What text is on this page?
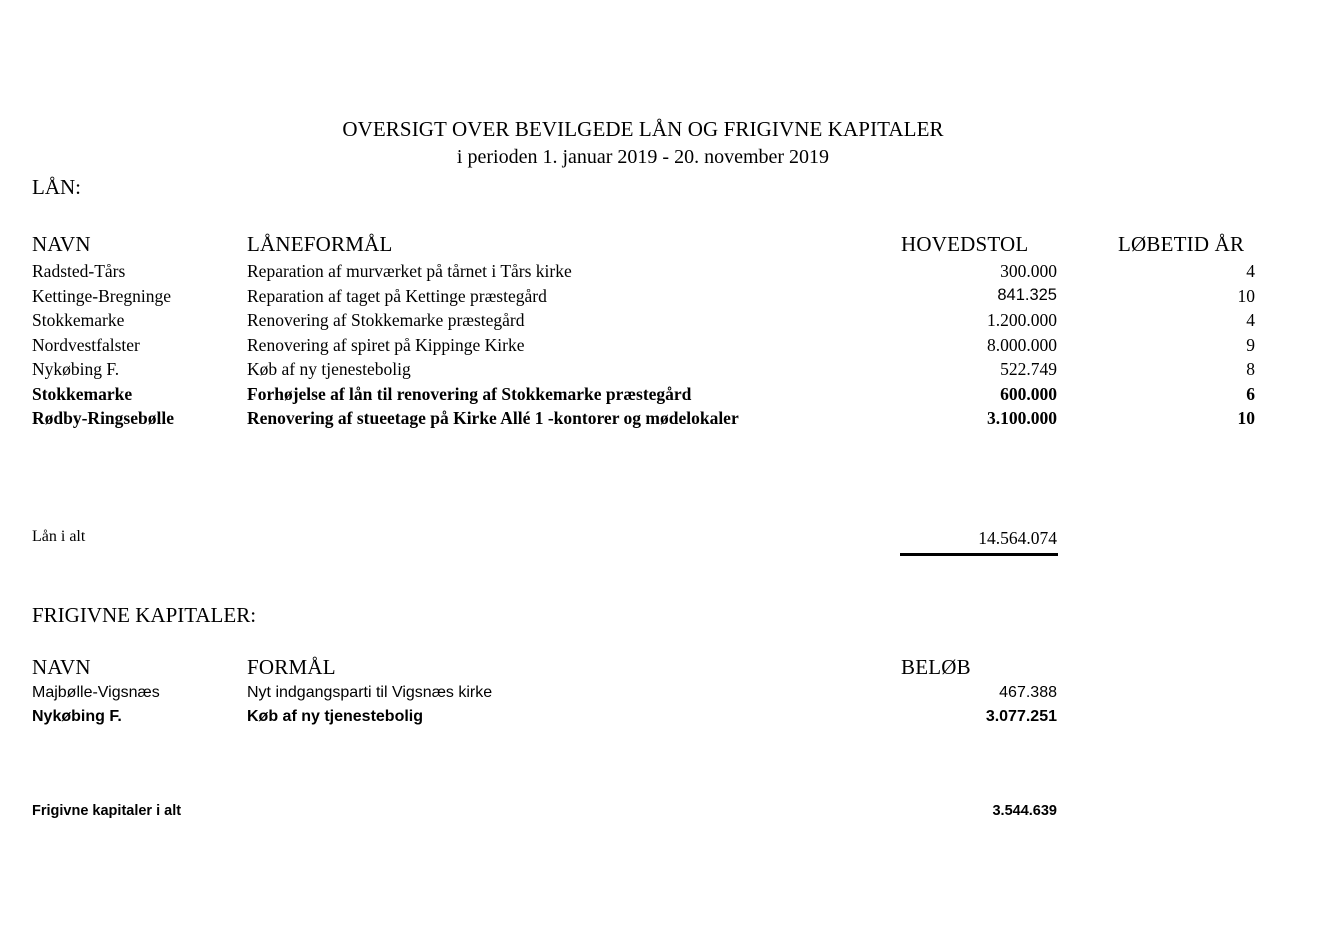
OVERSIGT OVER BEVILGEDE LÅN OG FRIGIVNE KAPITALER
i perioden 1. januar 2019 - 20. november 2019
LÅN:
NAVN	LÅNEFORMÅL	HOVEDSTOL	LØBETID ÅR
Radsted-Tårs	Reparation af murværket på tårnet i Tårs kirke	300.000	4
Kettinge-Bregninge	Reparation af taget på Kettinge præstegård	841.325	10
Stokkemarke	Renovering af Stokkemarke præstegård	1.200.000	4
Nordvestfalster	Renovering af spiret på Kippinge Kirke	8.000.000	9
Nykøbing F.	Køb af ny tjenestebolig	522.749	8
Stokkemarke	Forhøjelse af lån til renovering af Stokkemarke præstegård	600.000	6
Rødby-Ringsebølle	Renovering af stueetage på Kirke Allé 1 -kontorer og mødelokaler	3.100.000	10
Lån i alt	14.564.074
FRIGIVNE KAPITALER:
NAVN	FORMÅL	BELØB
Majbølle-Vigsnæs	Nyt indgangsparti til Vigsnæs kirke	467.388
Nykøbing F.	Køb af ny tjenestebolig	3.077.251
Frigivne kapitaler i alt	3.544.639
